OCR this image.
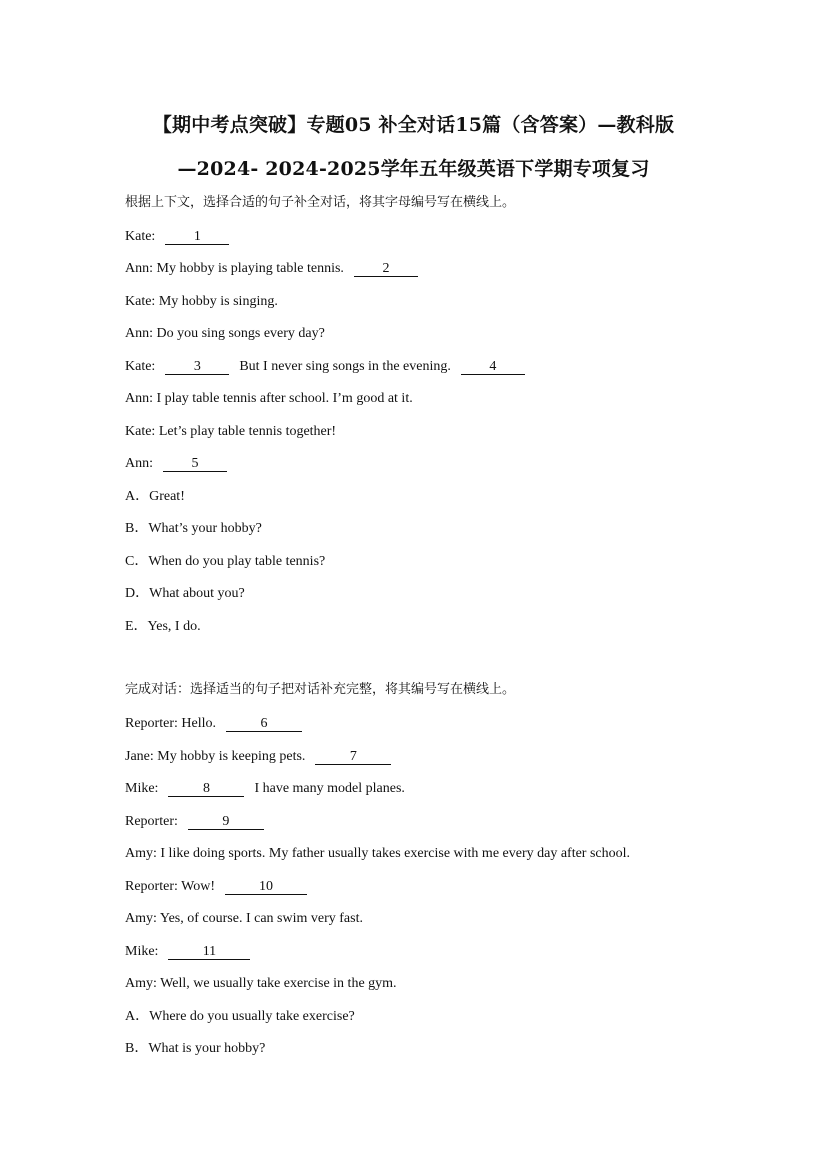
【期中考点突破】专题05 补全对话15篇（含答案）—教科版
—2024- 2024-2025学年五年级英语下学期专项复习
根据上下文，选择合适的句子补全对话，将其字母编号写在横线上。
Kate:	1
Ann: My hobby is playing table tennis.	2
Kate: My hobby is singing.
Ann: Do you sing songs every day?
Kate:	3	But I never sing songs in the evening.	4
Ann: I play table tennis after school. I’m good at it.
Kate: Let’s play table tennis together!
Ann:	5
A．Great!
B．What’s your hobby?
C．When do you play table tennis?
D．What about you?
E．Yes, I do.
完成对话：选择适当的句子把对话补充完整，将其编号写在横线上。
Reporter: Hello.	6
Jane: My hobby is keeping pets.	7
Mike:	8	I have many model planes.
Reporter:	9
Amy: I like doing sports. My father usually takes exercise with me every day after school.
Reporter: Wow!	10
Amy: Yes, of course. I can swim very fast.
Mike:	11
Amy: Well, we usually take exercise in the gym.
A．Where do you usually take exercise?
B．What is your hobby?
